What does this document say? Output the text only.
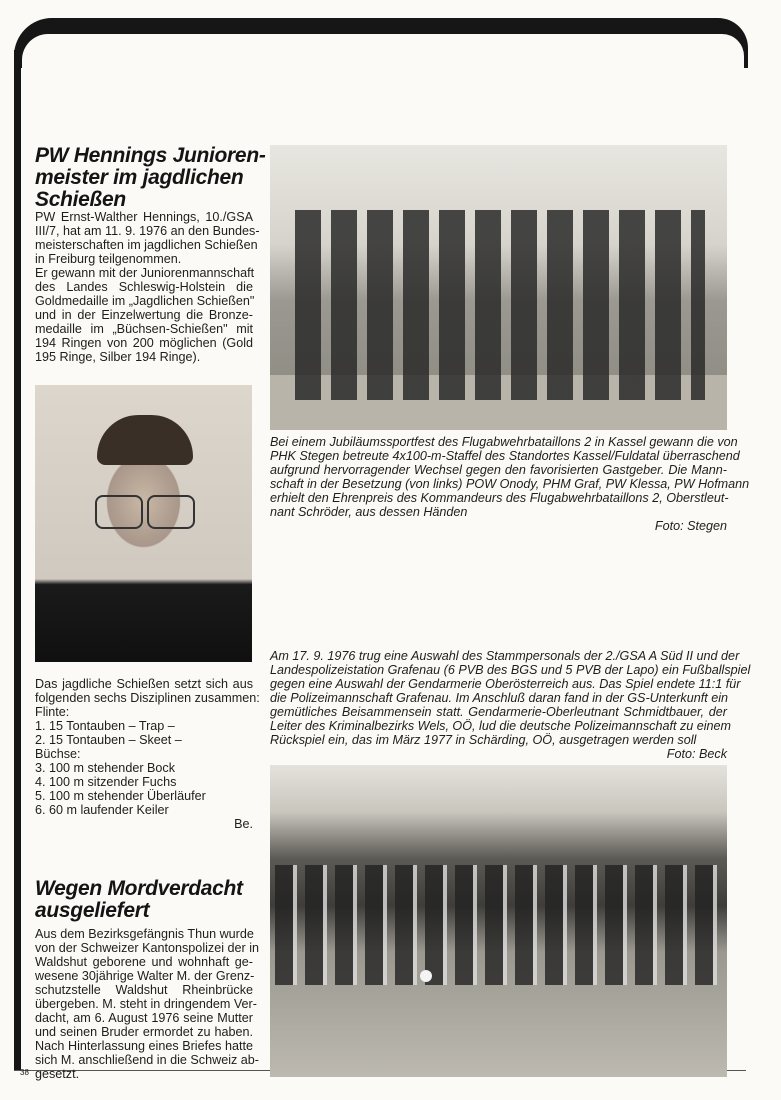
PW Hennings Junioren-
meister im jagdlichen
Schießen
PW Ernst-Walther Hennings, 10./GSA
III/7, hat am 11. 9. 1976 an den Bundes-
meisterschaften im jagdlichen Schießen
in Freiburg teilgenommen.
Er gewann mit der Juniorenmannschaft
des Landes Schleswig-Holstein die
Goldmedaille im „Jagdlichen Schießen"
und in der Einzelwertung die Bronze-
medaille im „Büchsen-Schießen" mit
194 Ringen von 200 möglichen (Gold
195 Ringe, Silber 194 Ringe).
Das jagdliche Schießen setzt sich aus
folgenden sechs Disziplinen zusammen:
Flinte:
1. 15 Tontauben – Trap –
2. 15 Tontauben – Skeet –
Büchse:
3. 100 m stehender Bock
4. 100 m sitzender Fuchs
5. 100 m stehender Überläufer
6. 60 m laufender Keiler
Be.
Wegen Mordverdacht
ausgeliefert
Aus dem Bezirksgefängnis Thun wurde
von der Schweizer Kantonspolizei der in
Waldshut geborene und wohnhaft ge-
wesene 30jährige Walter M. der Grenz-
schutzstelle Waldshut Rheinbrücke
übergeben. M. steht in dringendem Ver-
dacht, am 6. August 1976 seine Mutter
und seinen Bruder ermordet zu haben.
Nach Hinterlassung eines Briefes hatte
sich M. anschließend in die Schweiz ab-
gesetzt.
38
Bei einem Jubiläumssportfest des Flugabwehrbataillons 2 in Kassel gewann die von
PHK Stegen betreute 4x100-m-Staffel des Standortes Kassel/Fuldatal überraschend
aufgrund hervorragender Wechsel gegen den favorisierten Gastgeber. Die Mann-
schaft in der Besetzung (von links) POW Onody, PHM Graf, PW Klessa, PW Hofmann
erhielt den Ehrenpreis des Kommandeurs des Flugabwehrbataillons 2, Oberstleut-
nant Schröder, aus dessen Händen
Foto: Stegen
Am 17. 9. 1976 trug eine Auswahl des Stammpersonals der 2./GSA A Süd II und der
Landespolizeistation Grafenau (6 PVB des BGS und 5 PVB der Lapo) ein Fußballspiel
gegen eine Auswahl der Gendarmerie Oberösterreich aus. Das Spiel endete 11:1 für
die Polizeimannschaft Grafenau. Im Anschluß daran fand in der GS-Unterkunft ein
gemütliches Beisammensein statt. Gendarmerie-Oberleutnant Schmidtbauer, der
Leiter des Kriminalbezirks Wels, OÖ, lud die deutsche Polizeimannschaft zu einem
Rückspiel ein, das im März 1977 in Schärding, OÖ, ausgetragen werden soll
Foto: Beck
